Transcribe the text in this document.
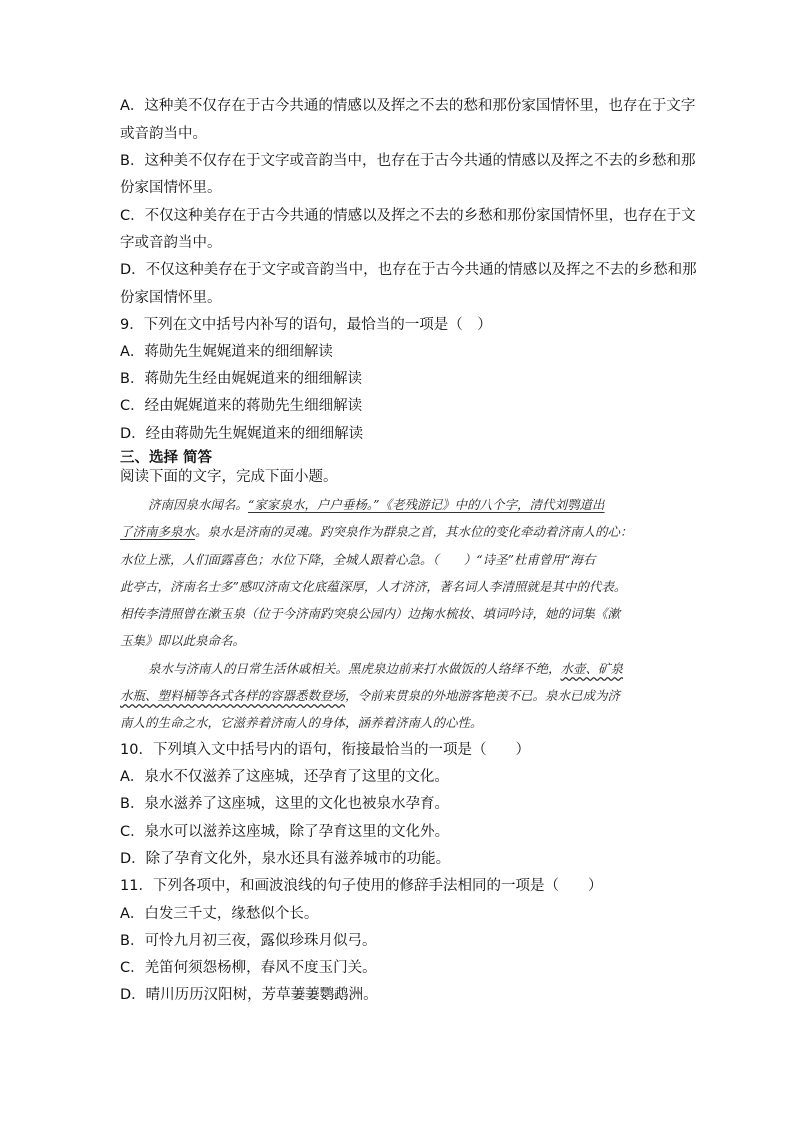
A．这种美不仅存在于古今共通的情感以及挥之不去的愁和那份家国情怀里，也存在于文字
或音韵当中。
B．这种美不仅存在于文字或音韵当中，也存在于古今共通的情感以及挥之不去的乡愁和那
份家国情怀里。
C．不仅这种美存在于古今共通的情感以及挥之不去的乡愁和那份家国情怀里，也存在于文
字或音韵当中。
D．不仅这种美存在于文字或音韵当中，也存在于古今共通的情感以及挥之不去的乡愁和那
份家国情怀里。
9．下列在文中括号内补写的语句，最恰当的一项是（　）
A．蒋勋先生娓娓道来的细细解读
B．蒋勋先生经由娓娓道来的细细解读
C．经由娓娓道来的蒋勋先生细细解读
D．经由蒋勋先生娓娓道来的细细解读
三、选择 简答
阅读下面的文字，完成下面小题。
济南因泉水闻名。“家家泉水，户户垂杨。”《老残游记》中的八个字，清代刘鹗道出
了济南多泉水。泉水是济南的灵魂。趵突泉作为群泉之首，其水位的变化牵动着济南人的心：
水位上涨，人们面露喜色；水位下降，全城人跟着心急。（　　）“诗圣”杜甫曾用“海右
此亭古，济南名士多”感叹济南文化底蕴深厚，人才济济，著名词人李清照就是其中的代表。
相传李清照曾在漱玉泉（位于今济南趵突泉公园内）边掬水梳妆、填词吟诗，她的词集《漱
玉集》即以此泉命名。
泉水与济南人的日常生活休戚相关。黑虎泉边前来打水做饭的人络绎不绝，水壶、矿泉
水瓶、塑料桶等各式各样的容器悉数登场，令前来贯泉的外地游客艳羡不已。泉水已成为济
南人的生命之水，它滋养着济南人的身体，涵养着济南人的心性。
10．下列填入文中括号内的语句，衔接最恰当的一项是（　　）
A．泉水不仅滋养了这座城，还孕育了这里的文化。
B．泉水滋养了这座城，这里的文化也被泉水孕育。
C．泉水可以滋养这座城，除了孕育这里的文化外。
D．除了孕育文化外，泉水还具有滋养城市的功能。
11．下列各项中，和画波浪线的句子使用的修辞手法相同的一项是（　　）
A．白发三千丈，缘愁似个长。
B．可怜九月初三夜，露似珍珠月似弓。
C．羌笛何须怨杨柳，春风不度玉门关。
D．晴川历历汉阳树，芳草萋萋鹦鹉洲。
